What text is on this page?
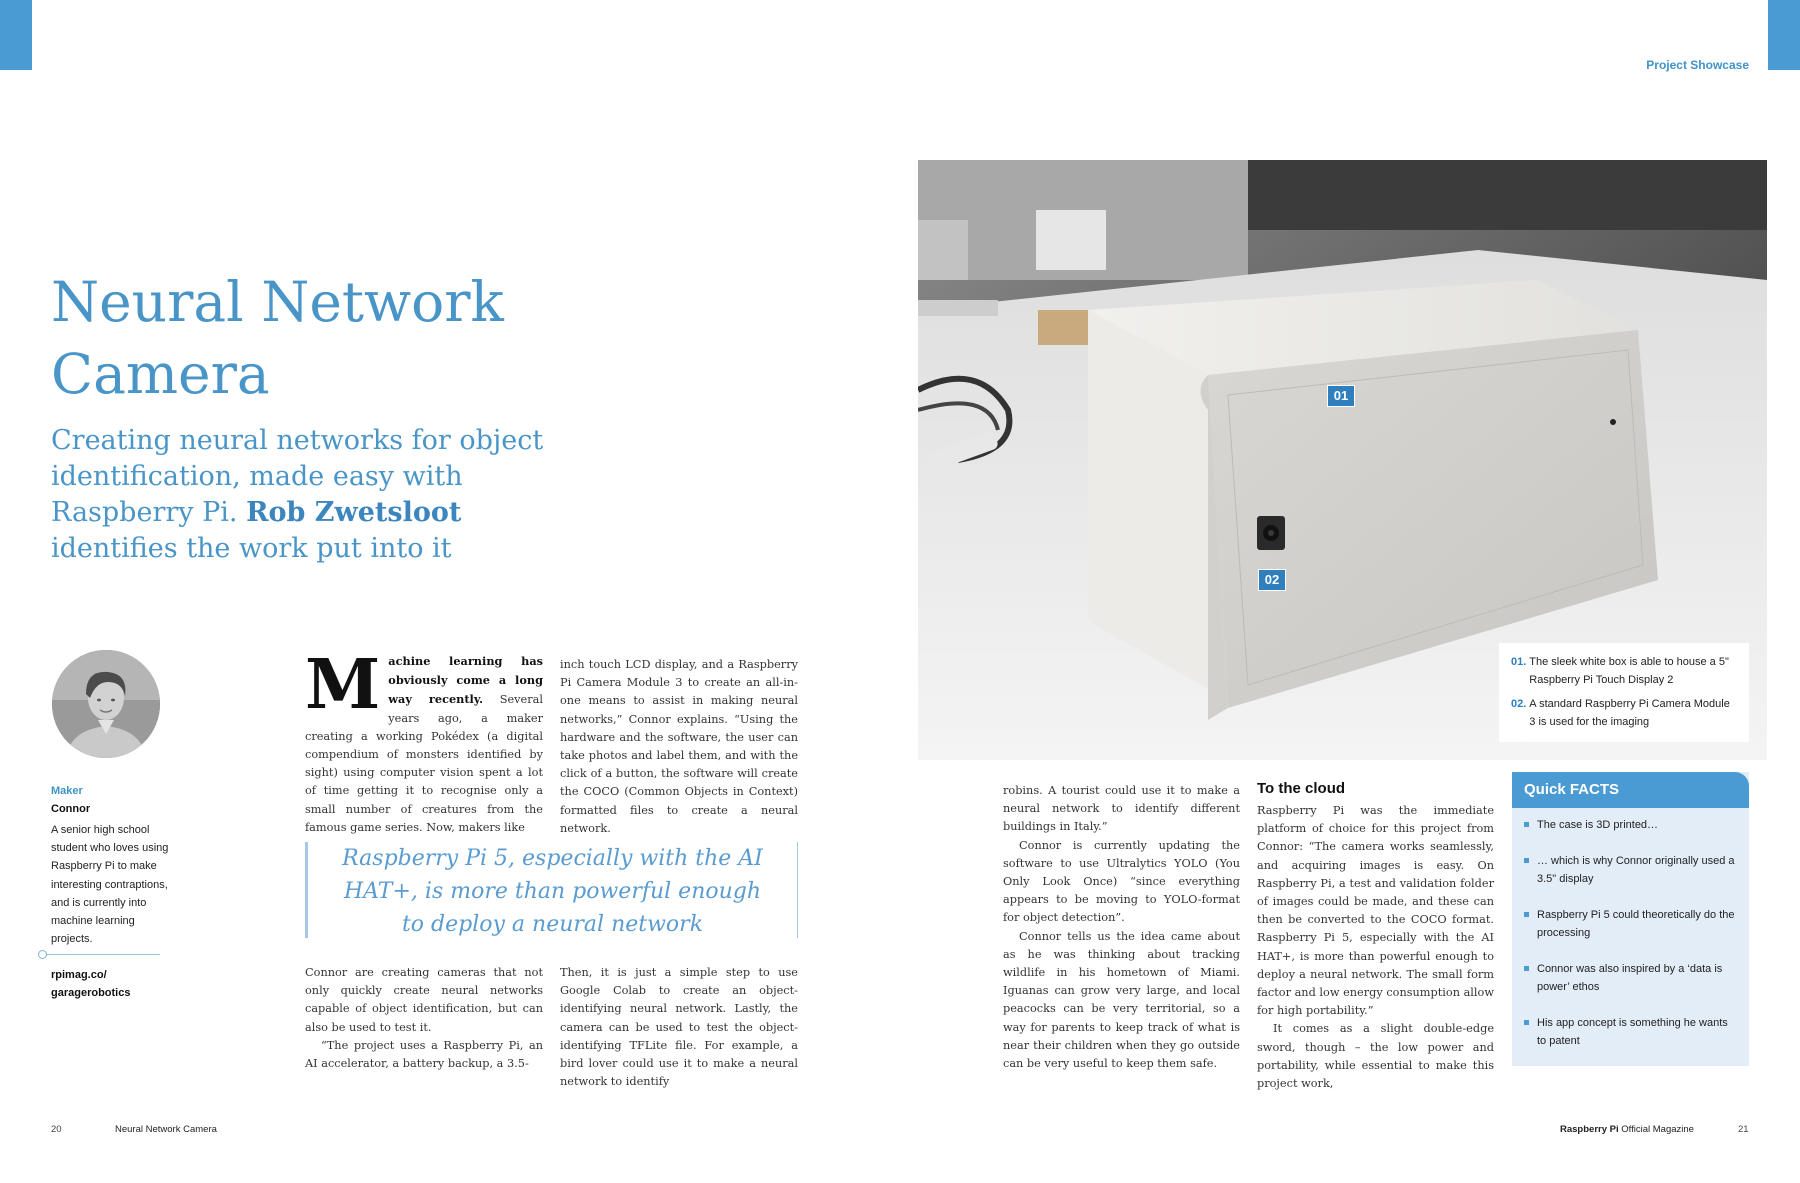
Project Showcase
Neural Network Camera

Creating neural networks for object identification, made easy with Raspberry Pi. Rob Zwetsloot identifies the work put into it

Maker
Connor
A senior high school student who loves using Raspberry Pi to make interesting contraptions, and is currently into machine learning projects.
rpimag.co/
garagerobotics
Machine learning has obviously come a long way recently. Several years ago, a maker creating a working Pokédex (a digital compendium of monsters identified by sight) using computer vision spent a lot of time getting it to recognise only a small number of creatures from the famous game series. Now, makers like

inch touch LCD display, and a Raspberry Pi Camera Module 3 to create an all-in-one means to assist in making neural networks,” Connor explains. “Using the hardware and the software, the user can take photos and label them, and with the click of a button, the software will create the COCO (Common Objects in Context) formatted files to create a neural network.

Raspberry Pi 5, especially with the AI HAT+, is more than powerful enough to deploy a neural network

Connor are creating cameras that not only quickly create neural networks capable of object identification, but can also be used to test it.

“The project uses a Raspberry Pi, an AI accelerator, a battery backup, a 3.5-

Then, it is just a simple step to use Google Colab to create an object-identifying neural network. Lastly, the camera can be used to test the object-identifying TFLite file. For example, a bird lover could use it to make a neural network to identify

01
02
01. The sleek white box is able to house a 5" Raspberry Pi Touch Display 2
02. A standard Raspberry Pi Camera Module 3 is used for the imaging

robins. A tourist could use it to make a neural network to identify different buildings in Italy.”

Connor is currently updating the software to use Ultralytics YOLO (You Only Look Once) “since everything appears to be moving to YOLO-format for object detection”.

Connor tells us the idea came about as he was thinking about tracking wildlife in his hometown of Miami. Iguanas can grow very large, and local peacocks can be very territorial, so a way for parents to keep track of what is near their children when they go outside can be very useful to keep them safe.

To the cloud

Raspberry Pi was the immediate platform of choice for this project from Connor: “The camera works seamlessly, and acquiring images is easy. On Raspberry Pi, a test and validation folder of images could be made, and these can then be converted to the COCO format. Raspberry Pi 5, especially with the AI HAT+, is more than powerful enough to deploy a neural network. The small form factor and low energy consumption allow for high portability.”

It comes as a slight double-edge sword, though – the low power and portability, while essential to make this project work,

Quick FACTS
The case is 3D printed…
… which is why Connor originally used a 3.5" display
Raspberry Pi 5 could theoretically do the processing
Connor was also inspired by a ‘data is power’ ethos
His app concept is something he wants to patent
20	Neural Network Camera	Raspberry Pi Official Magazine	21
